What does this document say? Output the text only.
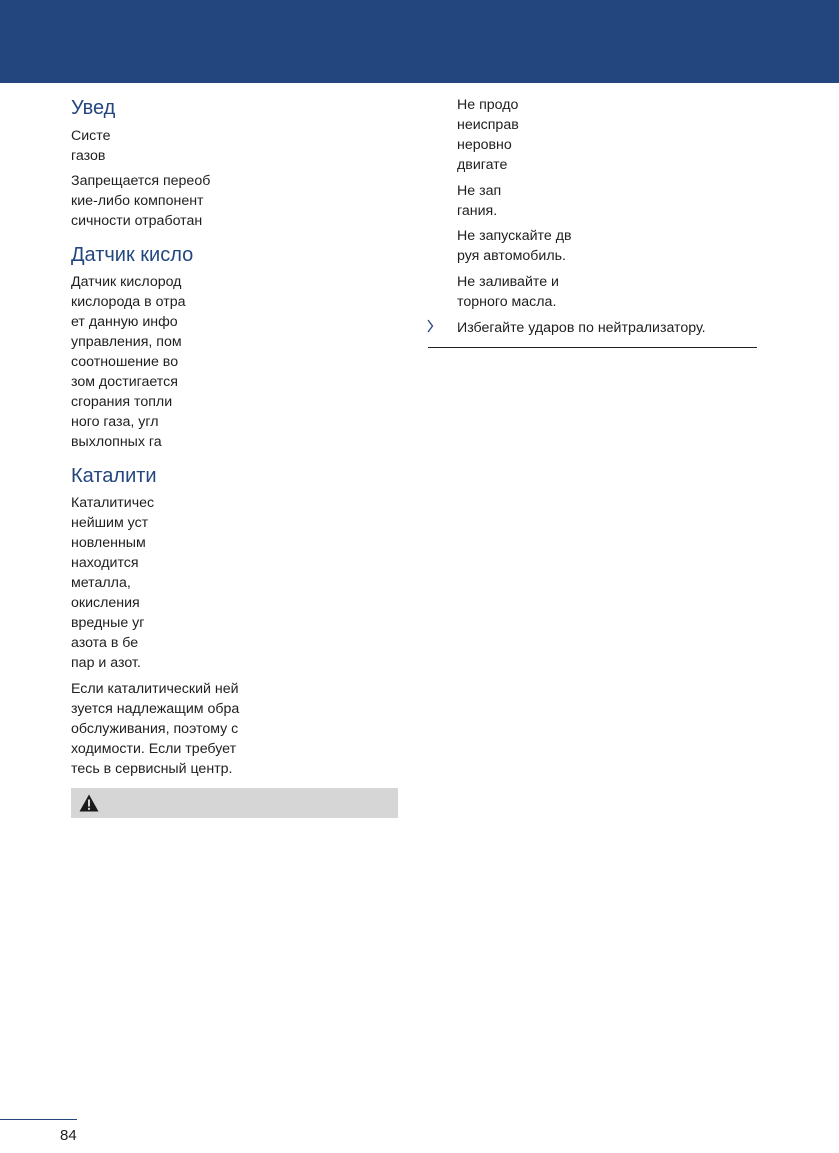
Увед
Систе
газов
Запрещается переоб
кие-либо компонент
сичности отработан
Датчик кисло
Датчик кислород
кислорода в отра
ет данную инфо
управления, пом
соотношение во
зом достигается
сгорания топли
ного газа, угл
выхлопных га
Каталити
Каталитичес
нейшим уст
новленным
находится
металла,
окисления
вредные уг
азота в бе
пар и азот.
Если каталитический ней
зуется надлежащим обра
обслуживания, поэтому с
ходимости. Если требует
тесь в сервисный центр.
Не продо
неисправ
неровно
двигате
Не зап
гания.
Не запускайте дв
руя автомобиль.
Не заливайте и
торного масла.
Избегайте ударов по нейтрализатору.
84
